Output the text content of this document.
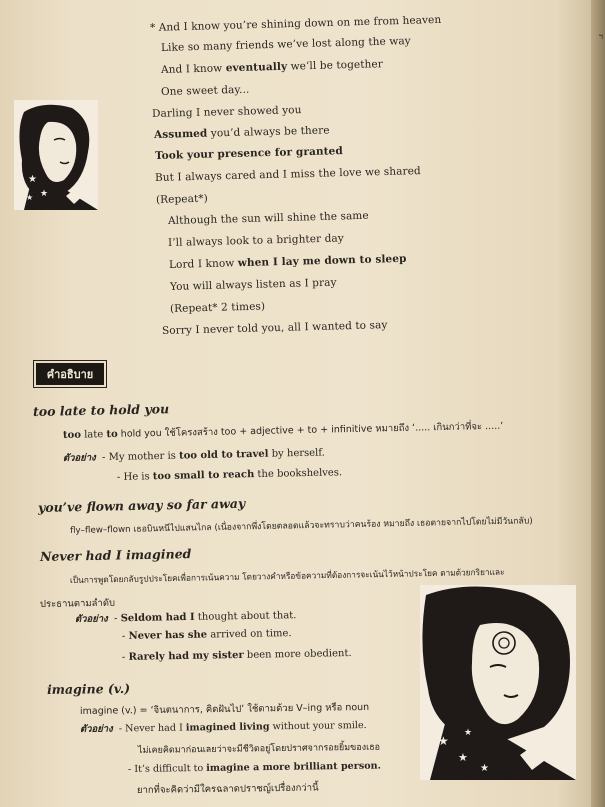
ฯ
★
★
★
* And I know you’re shining down on me from heaven
Like so many friends we’ve lost along the way
And I know eventually we’ll be together
One sweet day...
Darling I never showed you
Assumed you’d always be there
Took your presence for granted
But I always cared and I miss the love we shared
(Repeat*)
Although the sun will shine the same
I’ll always look to a brighter day
Lord I know when I lay me down to sleep
You will always listen as I pray
(Repeat* 2 times)
Sorry I never told you, all I wanted to say
คำอธิบาย
too late to hold you
too late to hold you ใช้โครงสร้าง too + adjective + to + infinitive หมายถึง ‘..... เกินกว่าที่จะ .....’
ตัวอย่าง - My mother is too old to travel by herself.
- He is too small to reach the bookshelves.
you’ve flown away so far away
fly–flew–flown เธอบินหนีไปแสนไกล (เนื่องจากพึ่งโดยตลอดแล้วจะทราบว่าคนร้อง หมายถึง เธอตายจากไปโดยไม่มีวันกลับ)
Never had I imagined
เป็นการพูดโดยกลับรูปประโยคเพื่อการเน้นความ โดยวางคำหรือข้อความที่ต้องการจะเน้นไว้หน้าประโยค ตามด้วยกริยาและ
ประธานตามลำดับ
ตัวอย่าง - Seldom had I thought about that.
- Never has she arrived on time.
- Rarely had my sister been more obedient.
imagine (v.)
imagine (v.) = ‘จินตนาการ, คิดฝันไป’ ใช้ตามด้วย V–ing หรือ noun
ตัวอย่าง - Never had I imagined living without your smile.
ไม่เคยคิดมาก่อนเลยว่าจะมีชีวิตอยู่โดยปราศจากรอยยิ้มของเธอ
- It’s difficult to imagine a more brilliant person.
ยากที่จะคิดว่ามีใครฉลาดปราชญ์เปรื่องกว่านี้
★
★
★
★
★
★
